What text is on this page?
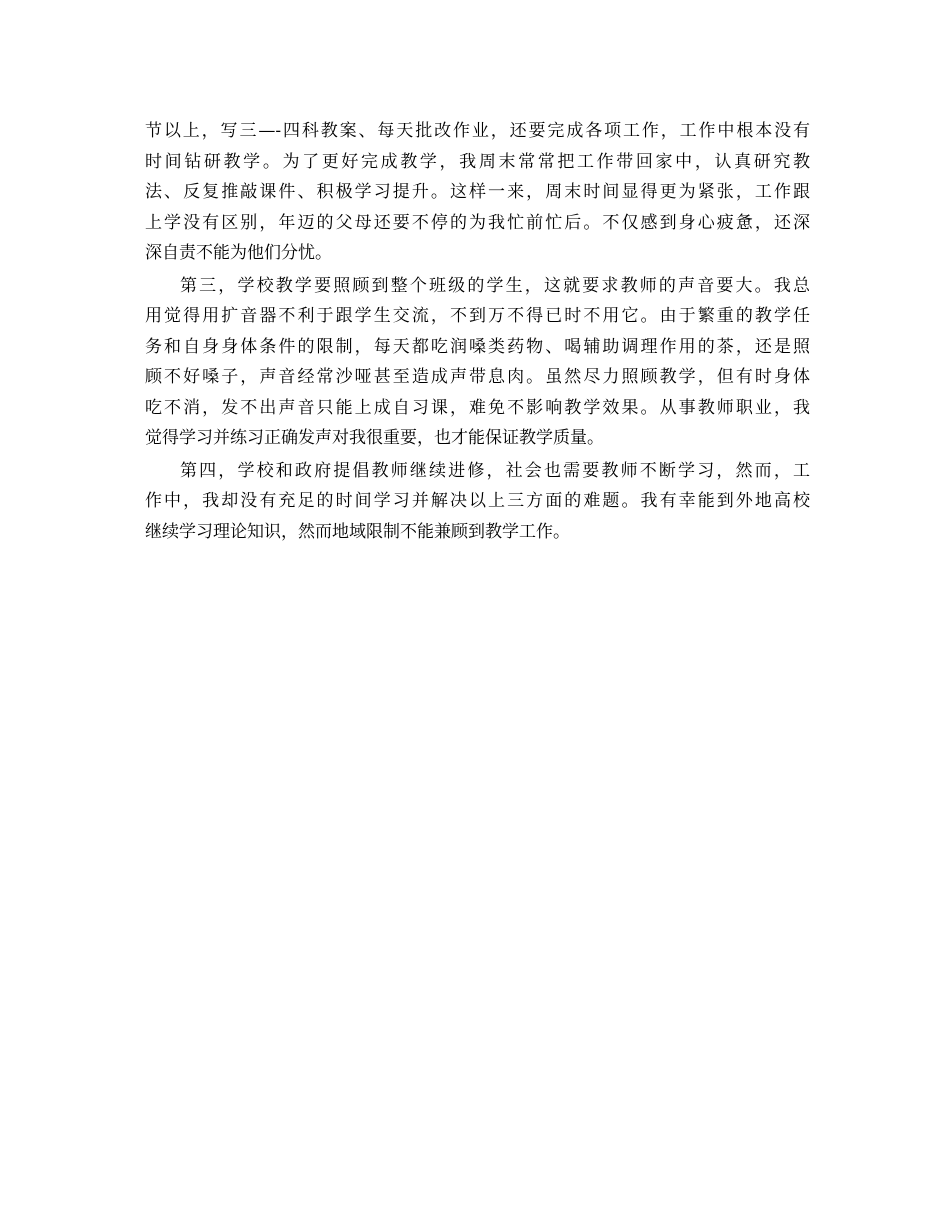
节以上，写三—-四科教案、每天批改作业，还要完成各项工作，工作中根本没有
时间钻研教学。为了更好完成教学，我周末常常把工作带回家中，认真研究教
法、反复推敲课件、积极学习提升。这样一来，周末时间显得更为紧张，工作跟
上学没有区别，年迈的父母还要不停的为我忙前忙后。不仅感到身心疲惫，还深
深自责不能为他们分忧。
第三，学校教学要照顾到整个班级的学生，这就要求教师的声音要大。我总
用觉得用扩音器不利于跟学生交流，不到万不得已时不用它。由于繁重的教学任
务和自身身体条件的限制，每天都吃润嗓类药物、喝辅助调理作用的茶，还是照
顾不好嗓子，声音经常沙哑甚至造成声带息肉。虽然尽力照顾教学，但有时身体
吃不消，发不出声音只能上成自习课，难免不影响教学效果。从事教师职业，我
觉得学习并练习正确发声对我很重要，也才能保证教学质量。
第四，学校和政府提倡教师继续进修，社会也需要教师不断学习，然而，工
作中，我却没有充足的时间学习并解决以上三方面的难题。我有幸能到外地高校
继续学习理论知识，然而地域限制不能兼顾到教学工作。
